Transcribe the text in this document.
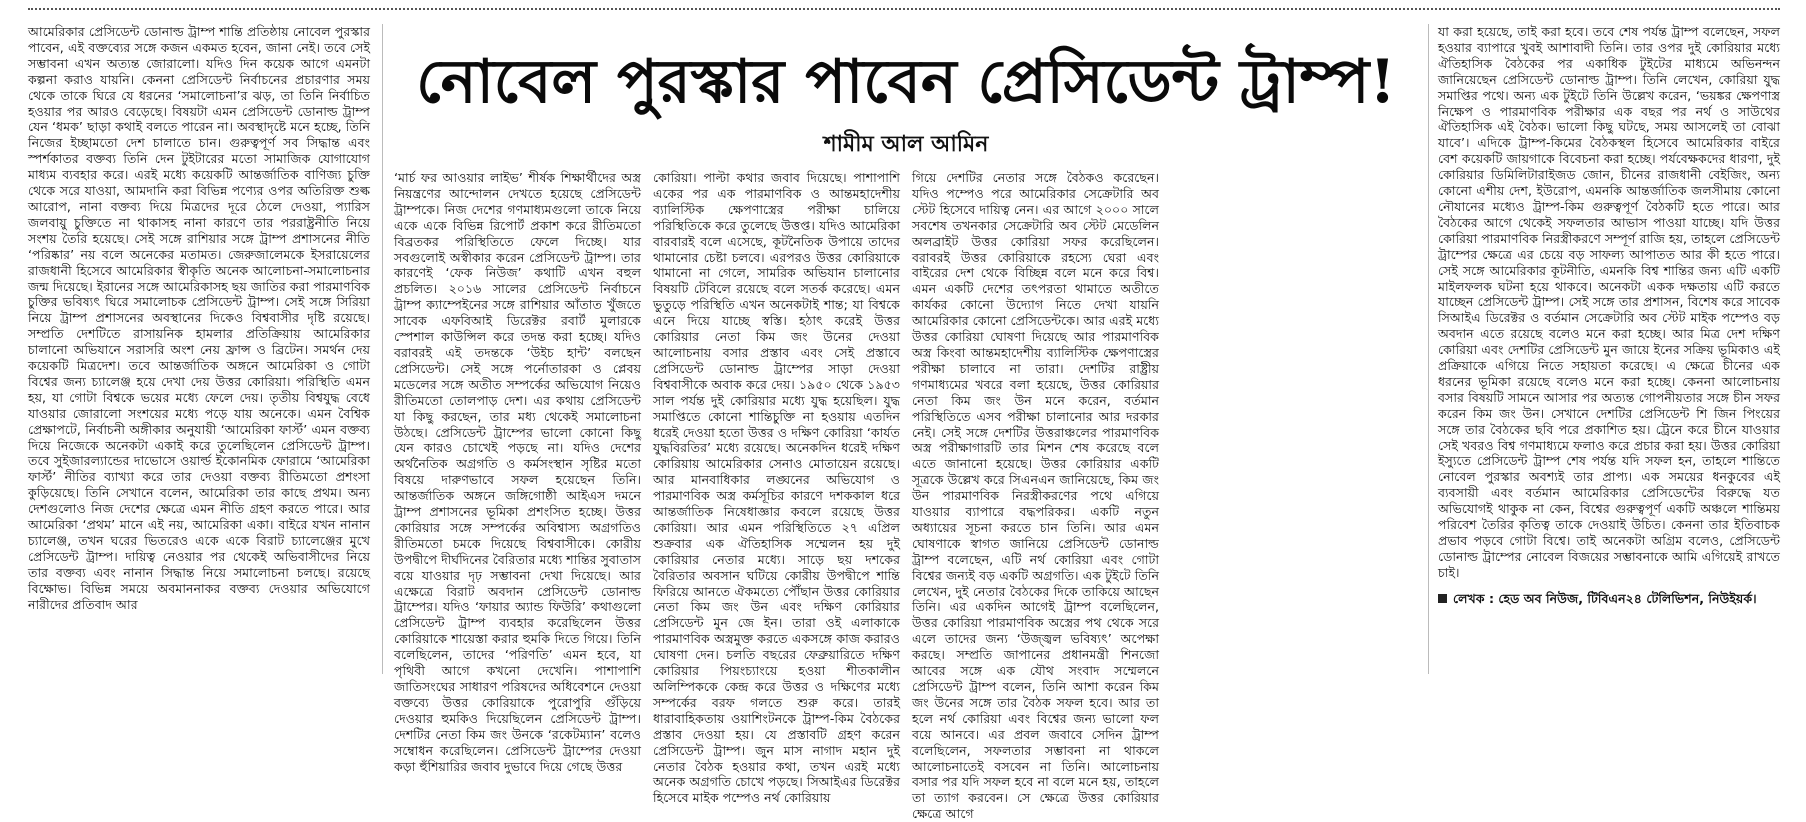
আমেরিকার প্রেসিডেন্ট ডোনাল্ড ট্রাম্প শান্তি প্রতিষ্ঠায় নোবেল পুরস্কার পাবেন, এই বক্তব্যের সঙ্গে কজন একমত হবেন, জানা নেই। তবে সেই সম্ভাবনা এখন অত্যন্ত জোরালো। যদিও দিন কয়েক আগে এমনটা কল্পনা করাও যায়নি। কেননা প্রেসিডেন্ট নির্বাচনের প্রচারণার সময় থেকে তাকে ঘিরে যে ধরনের ‘সমালোচনা’র ঝড়, তা তিনি নির্বাচিত হওয়ার পর আরও বেড়েছে। বিষয়টা এমন প্রেসিডেন্ট ডোনাল্ড ট্রাম্প যেন ‘ধমক’ ছাড়া কথাই বলতে পারেন না। অবস্থাদৃষ্টে মনে হচ্ছে, তিনি নিজের ইচ্ছামতো দেশ চালাতে চান। গুরুত্বপূর্ণ সব সিদ্ধান্ত এবং স্পর্শকাতর বক্তব্য তিনি দেন টুইটারের মতো সামাজিক যোগাযোগ মাধ্যম ব্যবহার করে। এরই মধ্যে কয়েকটি আন্তর্জাতিক বাণিজ্য চুক্তি থেকে সরে যাওয়া, আমদানি করা বিভিন্ন পণ্যের ওপর অতিরিক্ত শুল্ক আরোপ, নানা বক্তব্য দিয়ে মিত্রদের দূরে ঠেলে দেওয়া, প্যারিস জলবায়ু চুক্তিতে না থাকাসহ নানা কারণে তার পররাষ্ট্রনীতি নিয়ে সংশয় তৈরি হয়েছে। সেই সঙ্গে রাশিয়ার সঙ্গে ট্রাম্প প্রশাসনের নীতি ‘পরিষ্কার’ নয় বলে অনেকের মতামত। জেরুজালেমকে ইসরায়েলের রাজধানী হিসেবে আমেরিকার স্বীকৃতি অনেক আলোচনা-সমালোচনার জন্ম দিয়েছে। ইরানের সঙ্গে আমেরিকাসহ ছয় জাতির করা পারমাণবিক চুক্তির ভবিষ্যৎ ঘিরে সমালোচক প্রেসিডেন্ট ট্রাম্প। সেই সঙ্গে সিরিয়া নিয়ে ট্রাম্প প্রশাসনের অবস্থানের দিকেও বিশ্ববাসীর দৃষ্টি রয়েছে। সম্প্রতি দেশটিতে রাসায়নিক হামলার প্রতিক্রিয়ায় আমেরিকার চালানো অভিযানে সরাসরি অংশ নেয় ফ্রান্স ও ব্রিটেন। সমর্থন দেয় কয়েকটি মিত্রদেশ। তবে আন্তর্জাতিক অঙ্গনে আমেরিকা ও গোটা বিশ্বের জন্য চ্যালেঞ্জ হয়ে দেখা দেয় উত্তর কোরিয়া। পরিস্থিতি এমন হয়, যা গোটা বিশ্বকে ভয়ের মধ্যে ফেলে দেয়। তৃতীয় বিশ্বযুদ্ধ বেধে যাওয়ার জোরালো সংশয়ের মধ্যে পড়ে যায় অনেকে। এমন বৈশ্বিক প্রেক্ষাপটে, নির্বাচনী অঙ্গীকার অনুযায়ী ‘আমেরিকা ফার্স্ট’ এমন বক্তব্য দিয়ে নিজেকে অনেকটা একাই করে তুলেছিলেন প্রেসিডেন্ট ট্রাম্প। তবে সুইজারল্যান্ডের দাভোসে ওয়ার্ল্ড ইকোনমিক ফোরামে ‘আমেরিকা ফার্স্ট’ নীতির ব্যাখ্যা করে তার দেওয়া বক্তব্য রীতিমতো প্রশংসা কুড়িয়েছে। তিনি সেখানে বলেন, আমেরিকা তার কাছে প্রথম। অন্য দেশগুলোও নিজ দেশের ক্ষেত্রে এমন নীতি গ্রহণ করতে পারে। আর আমেরিকা ‘প্রথম’ মানে এই নয়, আমেরিকা একা। বাইরে যখন নানান চ্যালেঞ্জ, তখন ঘরের ভিতরেও একে একে বিরাট চ্যালেঞ্জের মুখে প্রেসিডেন্ট ট্রাম্প। দায়িত্ব নেওয়ার পর থেকেই অভিবাসীদের নিয়ে তার বক্তব্য এবং নানান সিদ্ধান্ত নিয়ে সমালোচনা চলছে। রয়েছে বিক্ষোভ। বিভিন্ন সময়ে অবমাননাকর বক্তব্য দেওয়ার অভিযোগে নারীদের প্রতিবাদ আর

নোবেল পুরস্কার পাবেন প্রেসিডেন্ট ট্রাম্প!
শামীম আল আমিন

‘মার্চ ফর আওয়ার লাইভ’ শীর্ষক শিক্ষার্থীদের অস্ত্র নিয়ন্ত্রণের আন্দোলন দেখতে হয়েছে প্রেসিডেন্ট ট্রাম্পকে। নিজ দেশের গণমাধ্যমগুলো তাকে নিয়ে একে একে বিভিন্ন রিপোর্ট প্রকাশ করে রীতিমতো বিব্রতকর পরিস্থিতিতে ফেলে দিচ্ছে। যার সবগুলোই অস্বীকার করেন প্রেসিডেন্ট ট্রাম্প। তার কারণেই ‘ফেক নিউজ’ কথাটি এখন বহুল প্রচলিত। ২০১৬ সালের প্রেসিডেন্ট নির্বাচনে ট্রাম্প ক্যাম্পেইনের সঙ্গে রাশিয়ার আঁতাত খুঁজতে সাবেক এফবিআই ডিরেক্টর রবার্ট মুলারকে স্পেশাল কাউন্সিল করে তদন্ত করা হচ্ছে। যদিও বরাবরই এই তদন্তকে ‘উইচ হান্ট’ বলছেন প্রেসিডেন্ট। সেই সঙ্গে পর্নোতারকা ও প্লেবয় মডেলের সঙ্গে অতীত সম্পর্কের অভিযোগ নিয়েও রীতিমতো তোলপাড় দেশ। এর কথায় প্রেসিডেন্ট যা কিছু করছেন, তার মধ্য থেকেই সমালোচনা উঠছে। প্রেসিডেন্ট ট্রাম্পের ভালো কোনো কিছু যেন কারও চোখেই পড়ছে না। যদিও দেশের অর্থনৈতিক অগ্রগতি ও কর্মসংস্থান সৃষ্টির মতো বিষয়ে দারুণভাবে সফল হয়েছেন তিনি। আন্তর্জাতিক অঙ্গনে জঙ্গিগোষ্ঠী আইএস দমনে ট্রাম্প প্রশাসনের ভূমিকা প্রশংসিত হচ্ছে। উত্তর কোরিয়ার সঙ্গে সম্পর্কের অবিশ্বাস্য অগ্রগতিও রীতিমতো চমকে দিয়েছে বিশ্ববাসীকে। কোরীয় উপদ্বীপে দীর্ঘদিনের বৈরিতার মধ্যে শান্তির সুবাতাস বয়ে যাওয়ার দৃঢ় সম্ভাবনা দেখা দিয়েছে। আর এক্ষেত্রে বিরাট অবদান প্রেসিডেন্ট ডোনাল্ড ট্রাম্পের। যদিও ‘ফায়ার অ্যান্ড ফিউরি’ কথাগুলো প্রেসিডেন্ট ট্রাম্প ব্যবহার করেছিলেন উত্তর কোরিয়াকে শায়েস্তা করার হুমকি দিতে গিয়ে। তিনি বলেছিলেন, তাদের ‘পরিণতি’ এমন হবে, যা পৃথিবী আগে কখনো দেখেনি। পাশাপাশি জাতিসংঘের সাধারণ পরিষদের অধিবেশনে দেওয়া বক্তব্যে উত্তর কোরিয়াকে পুরোপুরি গুঁড়িয়ে দেওয়ার হুমকিও দিয়েছিলেন প্রেসিডেন্ট ট্রাম্প। দেশটির নেতা কিম জং উনকে ‘রকেটম্যান’ বলেও সম্বোধন করেছিলেন। প্রেসিডেন্ট ট্রাম্পের দেওয়া কড়া হুঁশিয়ারির জবাব দুভাবে দিয়ে গেছে উত্তর

কোরিয়া। পাল্টা কথার জবাব দিয়েছে। পাশাপাশি একের পর এক পারমাণবিক ও আন্তমহাদেশীয় ব্যালিস্টিক ক্ষেপণাস্ত্রের পরীক্ষা চালিয়ে পরিস্থিতিকে করে তুলেছে উত্তপ্ত। যদিও আমেরিকা বারবারই বলে এসেছে, কূটনৈতিক উপায়ে তাদের থামানোর চেষ্টা চলবে। এরপরও উত্তর কোরিয়াকে থামানো না গেলে, সামরিক অভিযান চালানোর বিষয়টি টেবিলে রয়েছে বলে সতর্ক করেছে। এমন ভুতুড়ে পরিস্থিতি এখন অনেকটাই শান্ত; যা বিশ্বকে এনে দিয়ে যাচ্ছে স্বস্তি। হঠাৎ করেই উত্তর কোরিয়ার নেতা কিম জং উনের দেওয়া আলোচনায় বসার প্রস্তাব এবং সেই প্রস্তাবে প্রেসিডেন্ট ডোনাল্ড ট্রাম্পের সাড়া দেওয়া বিশ্ববাসীকে অবাক করে দেয়। ১৯৫০ থেকে ১৯৫৩ সাল পর্যন্ত দুই কোরিয়ার মধ্যে যুদ্ধ হয়েছিল। যুদ্ধ সমাপ্তিতে কোনো শান্তিচুক্তি না হওয়ায় এতদিন ধরেই দেওয়া হতো উত্তর ও দক্ষিণ কোরিয়া ‘কার্যত যুদ্ধবিরতির’ মধ্যে রয়েছে। অনেকদিন ধরেই দক্ষিণ কোরিয়ায় আমেরিকার সেনাও মোতায়েন রয়েছে। আর মানবাধিকার লঙ্ঘনের অভিযোগ ও পারমাণবিক অস্ত্র কর্মসূচির কারণে দশককাল ধরে আন্তর্জাতিক নিষেধাজ্ঞার কবলে রয়েছে উত্তর কোরিয়া। আর এমন পরিস্থিতিতে ২৭ এপ্রিল শুক্রবার এক ঐতিহাসিক সম্মেলন হয় দুই কোরিয়ার নেতার মধ্যে। সাড়ে ছয় দশকের বৈরিতার অবসান ঘটিয়ে কোরীয় উপদ্বীপে শান্তি ফিরিয়ে আনতে ঐকমত্যে পৌঁছান উত্তর কোরিয়ার নেতা কিম জং উন এবং দক্ষিণ কোরিয়ার প্রেসিডেন্ট মুন জে ইন। তারা ওই এলাকাকে পারমাণবিক অস্ত্রমুক্ত করতে একসঙ্গে কাজ করারও ঘোষণা দেন। চলতি বছরের ফেব্রুয়ারিতে দক্ষিণ কোরিয়ার পিয়ংচ্যাংয়ে হওয়া শীতকালীন অলিম্পিককে কেন্দ্র করে উত্তর ও দক্ষিণের মধ্যে সম্পর্কের বরফ গলতে শুরু করে। তারই ধারাবাহিকতায় ওয়াশিংটনকে ট্রাম্প-কিম বৈঠকের প্রস্তাব দেওয়া হয়। যে প্রস্তাবটি গ্রহণ করেন প্রেসিডেন্ট ট্রাম্প। জুন মাস নাগাদ মহান দুই নেতার বৈঠক হওয়ার কথা, তখন এরই মধ্যে অনেক অগ্রগতি চোখে পড়ছে। সিআইএর ডিরেক্টর হিসেবে মাইক পম্পেও নর্থ কোরিয়ায়

গিয়ে দেশটির নেতার সঙ্গে বৈঠকও করেছেন। যদিও পম্পেও পরে আমেরিকার সেক্রেটারি অব স্টেট হিসেবে দায়িত্ব নেন। এর আগে ২০০০ সালে সবশেষ তখনকার সেক্রেটারি অব স্টেট মেডেলিন অলব্রাইট উত্তর কোরিয়া সফর করেছিলেন। বরাবরই উত্তর কোরিয়াকে রহস্যে ঘেরা এবং বাইরের দেশ থেকে বিচ্ছিন্ন বলে মনে করে বিশ্ব। এমন একটি দেশের তৎপরতা থামাতে অতীতে কার্যকর কোনো উদ্যোগ নিতে দেখা যায়নি আমেরিকার কোনো প্রেসিডেন্টকে। আর এরই মধ্যে উত্তর কোরিয়া ঘোষণা দিয়েছে আর পারমাণবিক অস্ত্র কিংবা আন্তমহাদেশীয় ব্যালিস্টিক ক্ষেপণাস্ত্রের পরীক্ষা চালাবে না তারা। দেশটির রাষ্ট্রীয় গণমাধ্যমের খবরে বলা হয়েছে, উত্তর কোরিয়ার নেতা কিম জং উন মনে করেন, বর্তমান পরিস্থিতিতে এসব পরীক্ষা চালানোর আর দরকার নেই। সেই সঙ্গে দেশটির উত্তরাঞ্চলের পারমাণবিক অস্ত্র পরীক্ষাগারটি তার মিশন শেষ করেছে বলে এতে জানানো হয়েছে। উত্তর কোরিয়ার একটি সূত্রকে উল্লেখ করে সিএনএন জানিয়েছে, কিম জং উন পারমাণবিক নিরস্ত্রীকরণের পথে এগিয়ে যাওয়ার ব্যাপারে বদ্ধপরিকর। একটি নতুন অধ্যায়ের সূচনা করতে চান তিনি। আর এমন ঘোষণাকে স্বাগত জানিয়ে প্রেসিডেন্ট ডোনাল্ড ট্রাম্প বলেছেন, এটি নর্থ কোরিয়া এবং গোটা বিশ্বের জন্যই বড় একটি অগ্রগতি। এক টুইটে তিনি লেখেন, দুই নেতার বৈঠকের দিকে তাকিয়ে আছেন তিনি। এর একদিন আগেই ট্রাম্প বলেছিলেন, উত্তর কোরিয়া পারমাণবিক অস্ত্রের পথ থেকে সরে এলে তাদের জন্য ‘উজ্জ্বল ভবিষ্যৎ’ অপেক্ষা করছে। সম্প্রতি জাপানের প্রধানমন্ত্রী শিনজো আবের সঙ্গে এক যৌথ সংবাদ সম্মেলনে প্রেসিডেন্ট ট্রাম্প বলেন, তিনি আশা করেন কিম জং উনের সঙ্গে তার বৈঠক সফল হবে। আর তা হলে নর্থ কোরিয়া এবং বিশ্বের জন্য ভালো ফল বয়ে আনবে। এর প্রবল জবাবে সেদিন ট্রাম্প বলেছিলেন, সফলতার সম্ভাবনা না থাকলে আলোচনাতেই বসবেন না তিনি। আলোচনায় বসার পর যদি সফল হবে না বলে মনে হয়, তাহলে তা ত্যাগ করবেন। সে ক্ষেত্রে উত্তর কোরিয়ার ক্ষেত্রে আগে

যা করা হয়েছে, তাই করা হবে। তবে শেষ পর্যন্ত ট্রাম্প বলেছেন, সফল হওয়ার ব্যাপারে খুবই আশাবাদী তিনি। তার ওপর দুই কোরিয়ার মধ্যে ঐতিহাসিক বৈঠকের পর একাধিক টুইটের মাধ্যমে অভিনন্দন জানিয়েছেন প্রেসিডেন্ট ডোনাল্ড ট্রাম্প। তিনি লেখেন, কোরিয়া যুদ্ধ সমাপ্তির পথে। অন্য এক টুইটে তিনি উল্লেখ করেন, ‘ভয়ঙ্কর ক্ষেপণাস্ত্র নিক্ষেপ ও পারমাণবিক পরীক্ষার এক বছর পর নর্থ ও সাউথের ঐতিহাসিক এই বৈঠক। ভালো কিছু ঘটছে, সময় আসলেই তা বোঝা যাবে’। এদিকে ট্রাম্প-কিমের বৈঠকস্থল হিসেবে আমেরিকার বাইরে বেশ কয়েকটি জায়গাকে বিবেচনা করা হচ্ছে। পর্যবেক্ষকদের ধারণা, দুই কোরিয়ার ডিমিলিটারাইজড জোন, চীনের রাজধানী বেইজিং, অন্য কোনো এশীয় দেশ, ইউরোপ, এমনকি আন্তর্জাতিক জলসীমায় কোনো নৌযানের মধ্যেও ট্রাম্প-কিম গুরুত্বপূর্ণ বৈঠকটি হতে পারে। আর বৈঠকের আগে থেকেই সফলতার আভাস পাওয়া যাচ্ছে। যদি উত্তর কোরিয়া পারমাণবিক নিরস্ত্রীকরণে সম্পূর্ণ রাজি হয়, তাহলে প্রেসিডেন্ট ট্রাম্পের ক্ষেত্রে এর চেয়ে বড় সাফল্য আপাতত আর কী হতে পারে। সেই সঙ্গে আমেরিকার কূটনীতি, এমনকি বিশ্ব শান্তির জন্য এটি একটি মাইলফলক ঘটনা হয়ে থাকবে। অনেকটা একক দক্ষতায় এটি করতে যাচ্ছেন প্রেসিডেন্ট ট্রাম্প। সেই সঙ্গে তার প্রশাসন, বিশেষ করে সাবেক সিআইএ ডিরেক্টর ও বর্তমান সেক্রেটারি অব স্টেট মাইক পম্পেও বড় অবদান এতে রয়েছে বলেও মনে করা হচ্ছে। আর মিত্র দেশ দক্ষিণ কোরিয়া এবং দেশটির প্রেসিডেন্ট মুন জায়ে ইনের সক্রিয় ভূমিকাও এই প্রক্রিয়াকে এগিয়ে নিতে সহায়তা করেছে। এ ক্ষেত্রে চীনের এক ধরনের ভূমিকা রয়েছে বলেও মনে করা হচ্ছে। কেননা আলোচনায় বসার বিষয়টি সামনে আসার পর অত্যন্ত গোপনীয়তার সঙ্গে চীন সফর করেন কিম জং উন। সেখানে দেশটির প্রেসিডেন্ট শি জিন পিংয়ের সঙ্গে তার বৈঠকের ছবি পরে প্রকাশিত হয়। ট্রেনে করে চীনে যাওয়ার সেই খবরও বিশ্ব গণমাধ্যমে ফলাও করে প্রচার করা হয়। উত্তর কোরিয়া ইস্যুতে প্রেসিডেন্ট ট্রাম্প শেষ পর্যন্ত যদি সফল হন, তাহলে শান্তিতে নোবেল পুরস্কার অবশ্যই তার প্রাপ্য। এক সময়ের ধনকুবের এই ব্যবসায়ী এবং বর্তমান আমেরিকার প্রেসিডেন্টের বিরুদ্ধে যত অভিযোগই থাকুক না কেন, বিশ্বের গুরুত্বপূর্ণ একটি অঞ্চলে শান্তিময় পরিবেশ তৈরির কৃতিত্ব তাকে দেওয়াই উচিত। কেননা তার ইতিবাচক প্রভাব পড়বে গোটা বিশ্বে। তাই অনেকটা অগ্রিম বলেও, প্রেসিডেন্ট ডোনাল্ড ট্রাম্পের নোবেল বিজয়ের সম্ভাবনাকে আমি এগিয়েই রাখতে চাই।

লেখক : হেড অব নিউজ, টিবিএন২৪ টেলিভিশন, নিউইয়র্ক।
